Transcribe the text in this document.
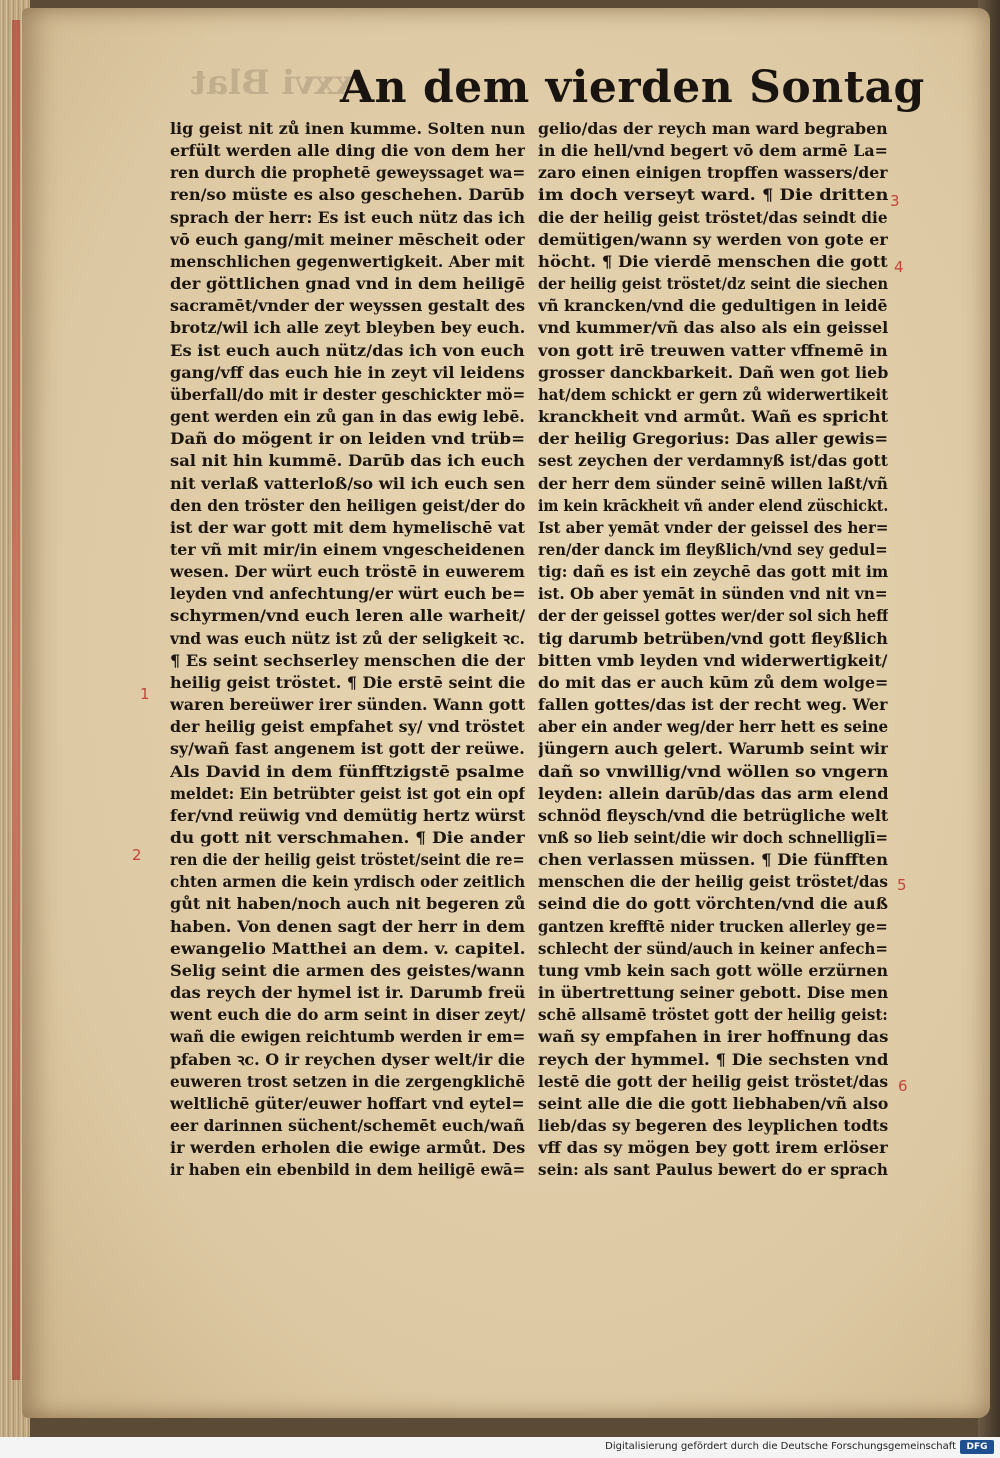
xxvi Blat
An dem vierden Sontag
lig geist nit zů inen kumme. Solten nun
erfült werden alle ding die von dem her
ren durch die prophetē geweyssaget wa=
ren/so müste es also geschehen. Darūb
sprach der herr: Es ist euch nütz das ich
vō euch gang/mit meiner mēscheit oder
menschlichen gegenwertigkeit. Aber mit
der göttlichen gnad vnd in dem heiligē
sacramēt/vnder der weyssen gestalt des
brotz/wil ich alle zeyt bleyben bey euch.
Es ist euch auch nütz/das ich von euch
gang/vff das euch hie in zeyt vil leidens
überfall/do mit ir dester geschickter mö=
gent werden ein zů gan in das ewig lebē.
Dañ do mögent ir on leiden vnd trüb=
sal nit hin kummē. Darūb das ich euch
nit verlaß vatterloß/so wil ich euch sen
den den tröster den heiligen geist/der do
ist der war gott mit dem hymelischē vat
ter vñ mit mir/in einem vngescheidenen
wesen. Der würt euch tröstē in euwerem
leyden vnd anfechtung/er würt euch be=
schyrmen/vnd euch leren alle warheit/
vnd was euch nütz ist zů der seligkeit ꝛc.
¶ Es seint sechserley menschen die der
heilig geist tröstet. ¶ Die erstē seint die
waren bereüwer irer sünden. Wann gott
der heilig geist empfahet sy/ vnd tröstet
sy/wañ fast angenem ist gott der reüwe.
Als David in dem fünfftzigstē psalme
meldet: Ein betrübter geist ist got ein opf
fer/vnd reüwig vnd demütig hertz würst
du gott nit verschmahen. ¶ Die ander
ren die der heilig geist tröstet/seint die re=
chten armen die kein yrdisch oder zeitlich
gůt nit haben/noch auch nit begeren zů
haben. Von denen sagt der herr in dem
ewangelio Matthei an dem. v. capitel.
Selig seint die armen des geistes/wann
das reych der hymel ist ir. Darumb freü
went euch die do arm seint in diser zeyt/
wañ die ewigen reichtumb werden ir em=
pfaben ꝛc. O ir reychen dyser welt/ir die
euweren trost setzen in die zergengklichē
weltlichē güter/euwer hoffart vnd eytel=
eer darinnen süchent/schemēt euch/wañ
ir werden erholen die ewige armůt. Des
ir haben ein ebenbild in dem heiligē ewā=
gelio/das der reych man ward begraben
in die hell/vnd begert vō dem armē La=
zaro einen einigen tropffen wassers/der
im doch verseyt ward. ¶ Die dritten
die der heilig geist tröstet/das seindt die
demütigen/wann sy werden von gote er
höcht. ¶ Die vierdē menschen die gott
der heilig geist tröstet/dz seint die siechen
vñ krancken/vnd die gedultigen in leidē
vnd kummer/vñ das also als ein geissel
von gott irē treuwen vatter vffnemē in
grosser danckbarkeit. Dañ wen got lieb
hat/dem schickt er gern zů widerwertikeit
kranckheit vnd armůt. Wañ es spricht
der heilig Gregorius: Das aller gewis=
sest zeychen der verdamnyß ist/das gott
der herr dem sünder seinē willen laßt/vñ
im kein krāckheit vñ ander elend züschickt.
Ist aber yemāt vnder der geissel des her=
ren/der danck im fleyßlich/vnd sey gedul=
tig: dañ es ist ein zeychē das gott mit im
ist. Ob aber yemāt in sünden vnd nit vn=
der der geissel gottes wer/der sol sich heff
tig darumb betrüben/vnd gott fleyßlich
bitten vmb leyden vnd widerwertigkeit/
do mit das er auch kūm zů dem wolge=
fallen gottes/das ist der recht weg. Wer
aber ein ander weg/der herr hett es seine
jüngern auch gelert. Warumb seint wir
dañ so vnwillig/vnd wöllen so vngern
leyden: allein darūb/das das arm elend
schnöd fleysch/vnd die betrügliche welt
vnß so lieb seint/die wir doch schnelliglī=
chen verlassen müssen. ¶ Die fünfften
menschen die der heilig geist tröstet/das
seind die do gott vörchten/vnd die auß
gantzen krefftē nider trucken allerley ge=
schlecht der sünd/auch in keiner anfech=
tung vmb kein sach gott wölle erzürnen
in übertrettung seiner gebott. Dise men
schē allsamē tröstet gott der heilig geist:
wañ sy empfahen in irer hoffnung das
reych der hymmel. ¶ Die sechsten vnd
lestē die gott der heilig geist tröstet/das
seint alle die die gott liebhaben/vñ also
lieb/das sy begeren des leyplichen todts
vff das sy mögen bey gott irem erlöser
sein: als sant Paulus bewert do er sprach
1
2
3
4
5
6
Digitalisierung gefördert durch die Deutsche Forschungsgemeinschaft	DFG
